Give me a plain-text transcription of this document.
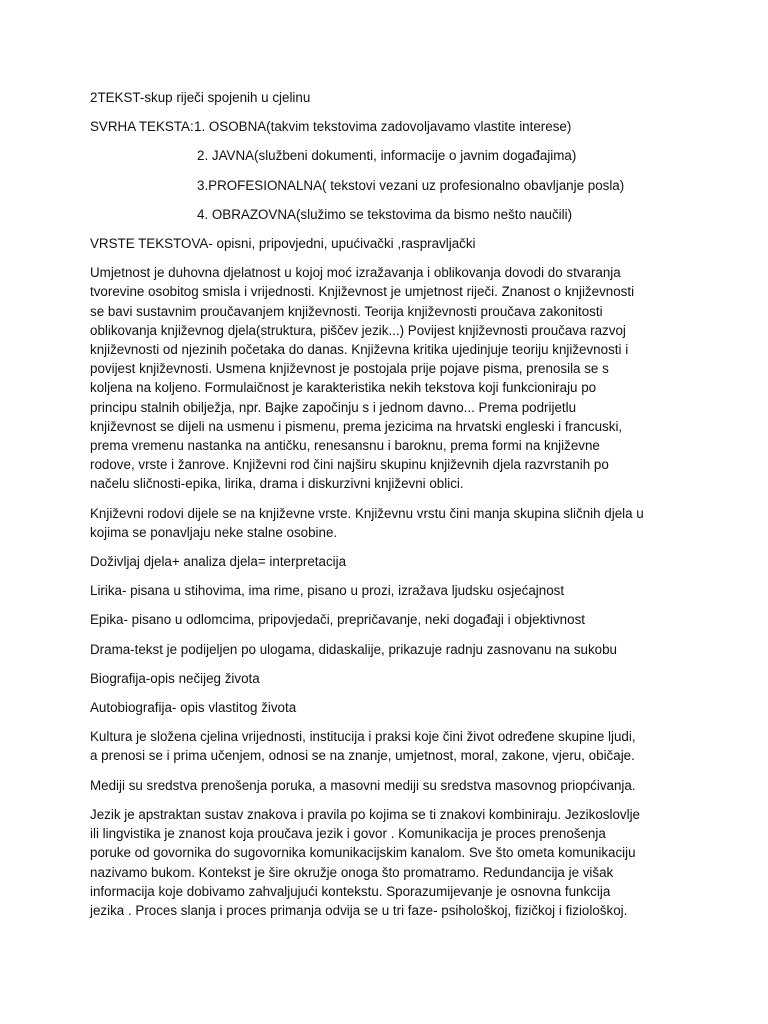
2TEKST-skup riječi spojenih u cjelinu
SVRHA TEKSTA: 1. OSOBNA(takvim tekstovima zadovoljavamo vlastite interese)
2. JAVNA(službeni dokumenti, informacije o javnim događajima)
3.PROFESIONALNA( tekstovi vezani uz profesionalno obavljanje posla)
4. OBRAZOVNA(služimo se tekstovima da bismo nešto naučili)
VRSTE TEKSTOVA- opisni, pripovjedni, upućivački ,raspravljački

Umjetnost je duhovna djelatnost u kojoj moć izražavanja i oblikovanja dovodi do stvaranja

tvorevine osobitog smisla i vrijednosti. Književnost je umjetnost riječi. Znanost o književnosti

se bavi sustavnim proučavanjem književnosti. Teorija književnosti proučava zakonitosti

oblikovanja književnog djela(struktura, piščev jezik...) Povijest književnosti proučava razvoj

književnosti od njezinih početaka do danas. Književna kritika ujedinjuje teoriju književnosti i

povijest književnosti. Usmena književnost je postojala prije pojave pisma, prenosila se s

koljena na koljeno. Formulaičnost je karakteristika nekih tekstova koji funkcioniraju po

principu stalnih obilježja, npr. Bajke započinju s i jednom davno... Prema podrijetlu

književnost se dijeli na usmenu i pismenu, prema jezicima na hrvatski engleski i francuski,

prema vremenu nastanka na antičku, renesansnu i baroknu, prema formi na književne

rodove, vrste i žanrove. Književni rod čini najširu skupinu književnih djela razvrstanih po

načelu sličnosti-epika, lirika, drama i diskurzivni književni oblici.

Književni rodovi dijele se na književne vrste. Književnu vrstu čini manja skupina sličnih djela u

kojima se ponavljaju neke stalne osobine.

Doživljaj djela+ analiza djela= interpretacija
Lirika- pisana u stihovima, ima rime, pisano u prozi, izražava ljudsku osjećajnost
Epika- pisano u odlomcima, pripovjedači, prepričavanje, neki događaji i objektivnost
Drama-tekst je podijeljen po ulogama, didaskalije, prikazuje radnju zasnovanu na sukobu
Biografija-opis nečijeg života
Autobiografija- opis vlastitog života

Kultura je složena cjelina vrijednosti, institucija i praksi koje čini život određene skupine ljudi,

a prenosi se i prima učenjem, odnosi se na znanje, umjetnost, moral, zakone, vjeru, običaje.

Mediji su sredstva prenošenja poruka, a masovni mediji su sredstva masovnog priopćivanja.

Jezik je apstraktan sustav znakova i pravila po kojima se ti znakovi kombiniraju. Jezikoslovlje

ili lingvistika je znanost koja proučava jezik i govor . Komunikacija je proces prenošenja

poruke od govornika do sugovornika komunikacijskim kanalom. Sve što ometa komunikaciju

nazivamo bukom. Kontekst je šire okružje onoga što promatramo. Redundancija je višak

informacija koje dobivamo zahvaljujući kontekstu. Sporazumijevanje je osnovna funkcija

jezika . Proces slanja i proces primanja odvija se u tri faze- psihološkoj, fizičkoj i fiziološkoj.
